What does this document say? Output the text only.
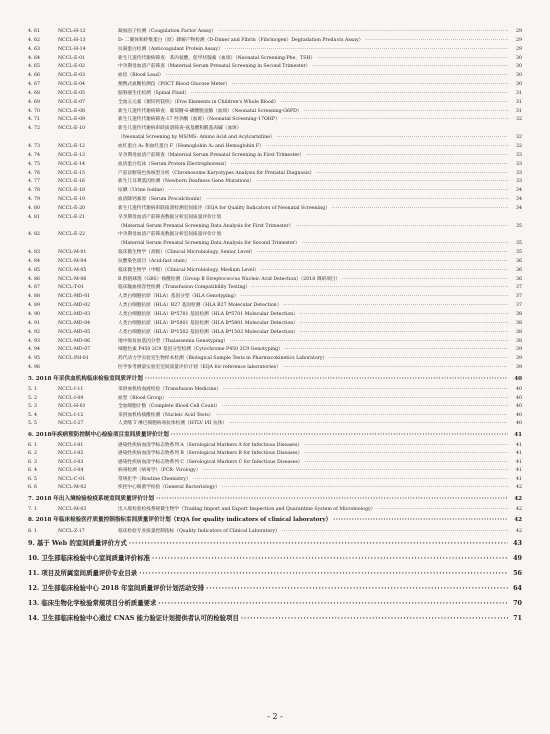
4. 61	NCCL-H-12	凝血因子检测（Coagulation Factor Assay） ·····	29
4. 62	NCCL-H-13	D- 二聚体和纤维蛋白（原）降解产物检测（D-Dimer and Fibrin（Fibrinogen）Degradation Products Assay） ·····	29
4. 63	NCCL-H-14	抗凝蛋白检测（Anticoagulant Protein Assay） ·····	29
4. 64	NCCL-E-01	新生儿遗传代谢病筛查：苯丙氨酸，促甲状腺素（血斑）（Neonatal Screening-Phe，TSH） ·····	30
4. 65	NCCL-E-02	中孕期母血清产前筛查（Maternal Serum Prenatal Screening in Second Trimester） ·····	30
4. 66	NCCL-E-03	血铅（Blood Lead） ·····	30
4. 67	NCCL-E-04	便携式血糖检测仪（POCT Blood Glucose Meter） ·····	30
4. 68	NCCL-E-05	脑脊液生化检测（Spinal Fluid） ·····	31
4. 69	NCCL-E-07	全血五元素（铜锌钙镁铁）（Five Elements in Children's Whole Blood） ·····	31
4. 70	NCCL-E-08	新生儿遗传代谢病筛查：葡萄糖-6-磷酸脱氢酶（血斑）（Neonatal Screening-G6PD） ·····	31
4. 71	NCCL-E-09	新生儿遗传代谢病筛查-17 羟孕酮（血斑）（Neonatal Screening-17OHP） ·····	32
4. 72	NCCL-E-10	新生儿遗传代谢病串联质谱筛查-氨基酸和酰基肉碱（血斑）
（Neonatal Screening by MS/MS- Amino Acid and Acylcarnitine） ·····	32
4. 73	NCCL-E-12	血红蛋白 A₂ 和血红蛋白 F（Hemoglobin A₂ and Hemoglobin F） ·····	32
4. 74	NCCL-E-13	早孕期母血清产前筛查（Maternal Serum Prenatal Screening in First Trimester） ·····	33
4. 75	NCCL-E-14	血清蛋白电泳（Serum Protein Electrophoresis） ·····	33
4. 76	NCCL-E-15	产前诊断染色体核型分析（Chromosome Karyotypes Analysis for Prenatal Diagnosis） ·····	33
4. 77	NCCL-E-16	新生儿耳聋基因检测（Newborn Deafness Gene Mutations） ·····	33
4. 78	NCCL-E-18	尿碘（Urine Iodine） ·····	34
4. 79	NCCL-E-19	血清降钙素原（Serum Procalcitonin） ·····	34
4. 80	NCCL-E-20	新生儿遗传代谢病串联质谱检测室间质评（EQA for Quality Indicators of Neonatal Screening） ·····	34
4. 81	NCCL-E-21	早孕期母血清产前筛查数据分析室间质量评价计划
（Maternal Serum Prenatal Screening Data Analysis for First Trimester） ·····	35
4. 82	NCCL-E-22	中孕期母血清产前筛查数据分析室间质量评价计划
（Maternal Serum Prenatal Screening Data Analysis for Second Trimester） ·····	35
4. 83	NCCL-M-01	临床微生物学（高级）（Clinical Microbiology, Senior Level） ·····	35
4. 84	NCCL-M-04	抗酸染色项目（Acid-fast stain） ·····	36
4. 85	NCCL-M-05	临床微生物学（中级）（Clinical Microbiology, Medium Level） ·····	36
4. 86	NCCL-M-06	B 群链球菌（GBS）核酸检测（Group B Streptococcus Nucleic Acid Detection）（2018 调研项目） ·····	36
4. 87	NCCL-T-01	临床输血相容性检测（Transfusion Compatibility Testing） ·····	37
4. 88	NCCL-MD-01	人类白细胞抗原（HLA）基因分型（HLA Genotyping） ·····	37
4. 89	NCCL-MD-02	人类白细胞抗原（HLA）B27 基因检测（HLA B27 Molecular Detection） ·····	37
4. 90	NCCL-MD-03	人类白细胞抗原（HLA）B*5701 基因检测（HLA B*5701 Molecular Detection） ·····	38
4. 91	NCCL-MD-04	人类白细胞抗原（HLA）B*5801 基因检测（HLA B*5801 Molecular Detection） ·····	38
4. 92	NCCL-MD-05	人类白细胞抗原（HLA）B*1502 基因检测（HLA B*1502 Molecular Detection） ·····	38
4. 93	NCCL-MD-06	地中海贫血基因分型（Thalassemia Genotyping） ·····	38
4. 94	NCCL-MD-07	细胞色素 P450 2C9 基因分型检测（Cytochrome P450 2C9 Genotyping） ·····	39
4. 95	NCCL-PH-01	药代动力学实验室生物样本检测（Biological Sample Tests in Pharmacokinetics Laboratory） ·····	39
4. 96	医学参考测量实验室室间质量评价计划（EQA for reference laboratories） ·····	39
5. 2018 年采供血机构临床检验室间质评计划 ·····	40
5. 1	NCCL-I-11	采供血机构血液检验（Transfusion Medicine） ·····	40
5. 2	NCCL-I-09	血型（Blood Group） ·····	40
5. 3	NCCL-H-01	全血细胞计数（Complete Blood Cell Count） ·····	40
5. 4	NCCL-I-12	采供血机构核酸检测（Nucleic Acid Tests） ·····	40
5. 5	NCCL-I-27	人类嗜 T 淋巴细胞病毒抗体检测（HTLV I/II 抗体） ·····	40
6. 2018年疾病预防控制中心检验项目室间质量评价计划 ·····	41
6. 1	NCCL-I-01	感染性疾病血清学标志物系列 A（Serological Markers A for Infectious Diseases） ·····	41
6. 2	NCCL-I-02	感染性疾病血清学标志物系列 B（Serological Markers B for Infectious Diseases） ·····	41
6. 3	NCCL-I-03	感染性疾病血清学标志物系列 C（Serological Markers C for Infectious Diseases） ·····	41
6. 4	NCCL-I-04	病毒检测（病毒学）（PCR- Virology） ·····	41
6. 5	NCCL-C-01	常规化学（Routine Chemistry） ·····	41
6. 6	NCCL-M-02	疾控中心细菌学检验（General Bacteriology） ·····	42
7. 2018 年出入境检验检疫系统室间质量评价计划 ·····	42
7. 1	NCCL-M-03	出入境检验检疫系统微生物学（Trading Import and Export Inspection and Quarantine System of Microbiology） ·····	42
8. 2018 年临床检验医疗质量控制指标室间质量评价计划（EQA for quality indicators of clinical laboratory） ·····	42
8. 1	NCCL-Z-17	临床检验专业质量控制指标（Quality Indicators of Clinical Laboratory） ·····	42
9. 基于 Web 的室间质量评价方式 ·····	43
10. 卫生部临床检验中心室间质量评价标准 ·····	49
11. 项目及所属室间质量评价专业目录 ·····	56
12. 卫生部临床检验中心 2018 年室间质量评价计划活动安排 ·····	64
13. 临床生物化学检验常规项目分析质量要求 ·····	70
14. 卫生部临床检验中心通过 CNAS 能力验证计划提供者认可的检验项目 ·····	71
- 2 -
